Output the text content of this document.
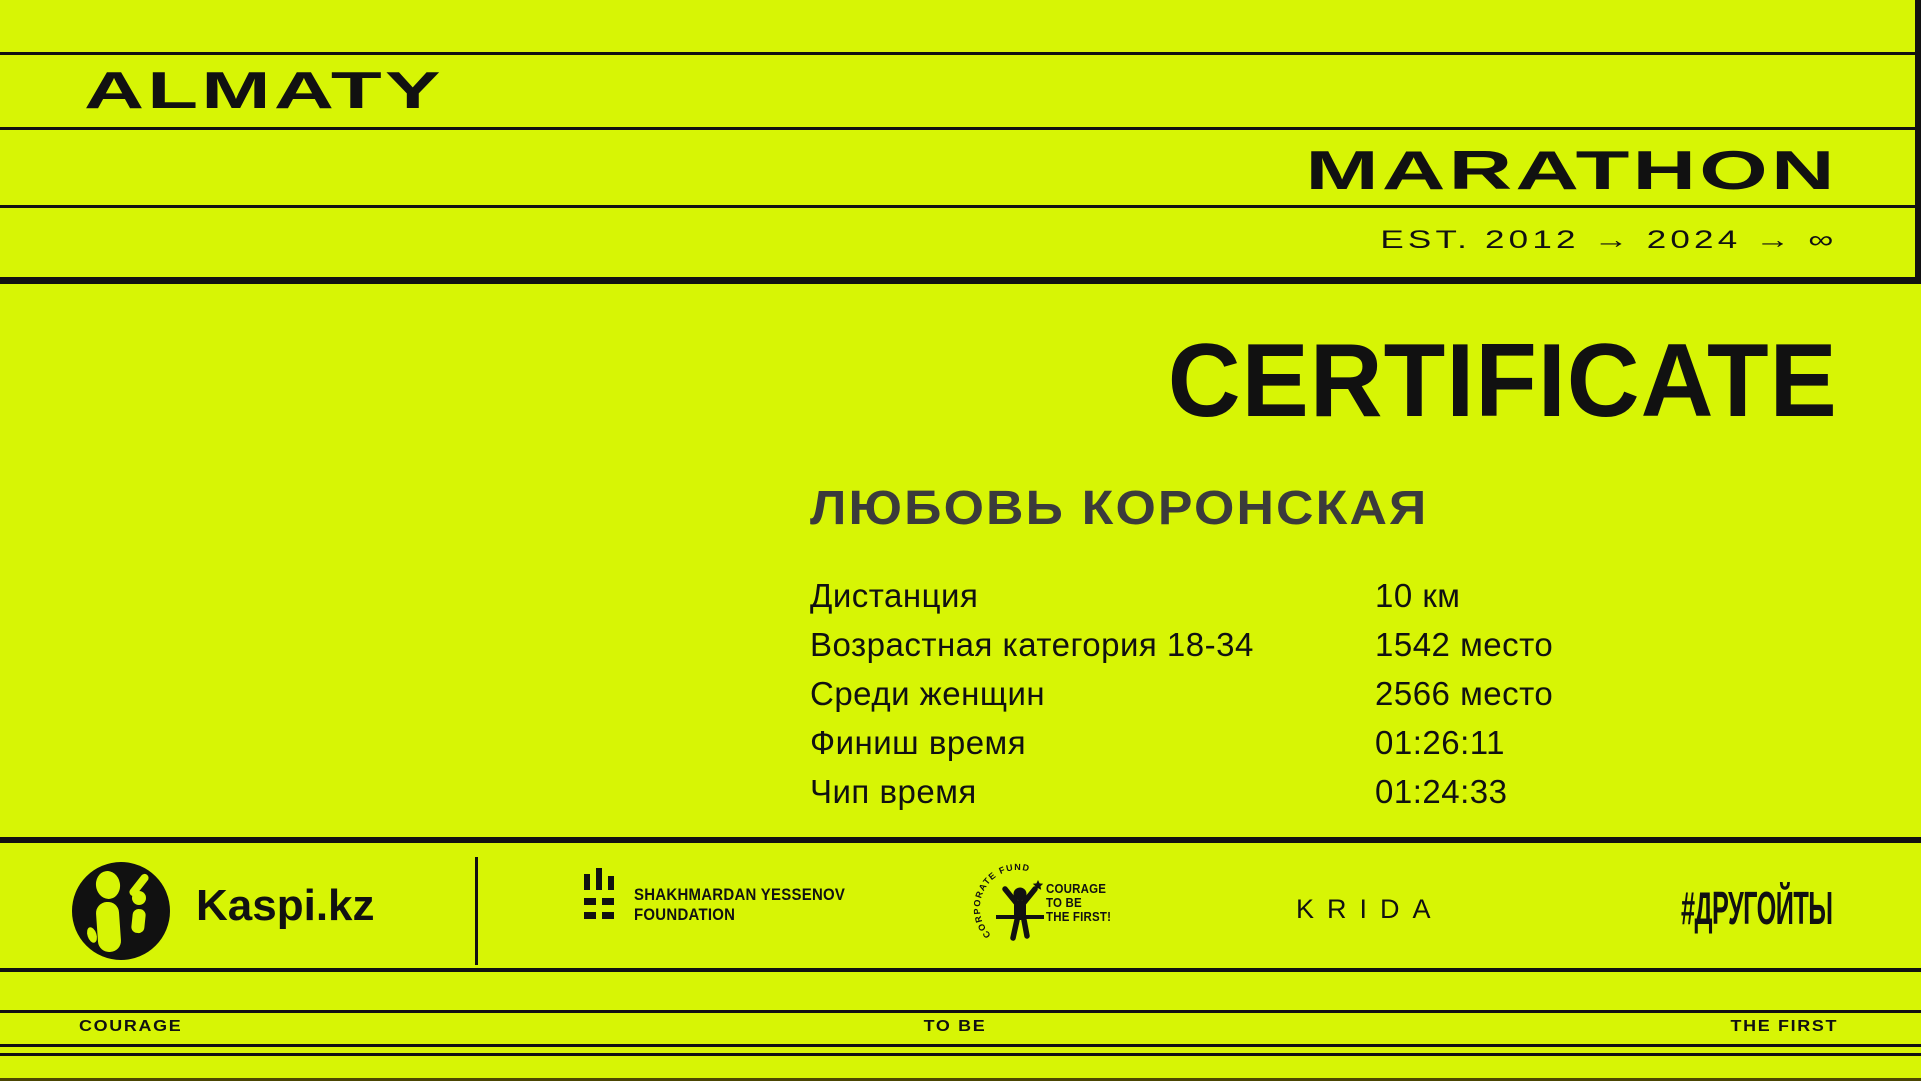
ALMATY
MARATHON
EST. 2012 → 2024 → ∞
CERTIFICATE
ЛЮБОВЬ КОРОНСКАЯ
Дистанция	10 км
Возрастная категория 18-34	1542 место
Среди женщин	2566 место
Финиш время	01:26:11
Чип время	01:24:33
Kaspi.kz	SHAKHMARDAN YESSENOV
FOUNDATION
CORPORATE FUND
COURAGE
TO BE
THE FIRST!	KRIDA	#ДРУГОЙТЫ
COURAGE	TO BE	THE FIRST
